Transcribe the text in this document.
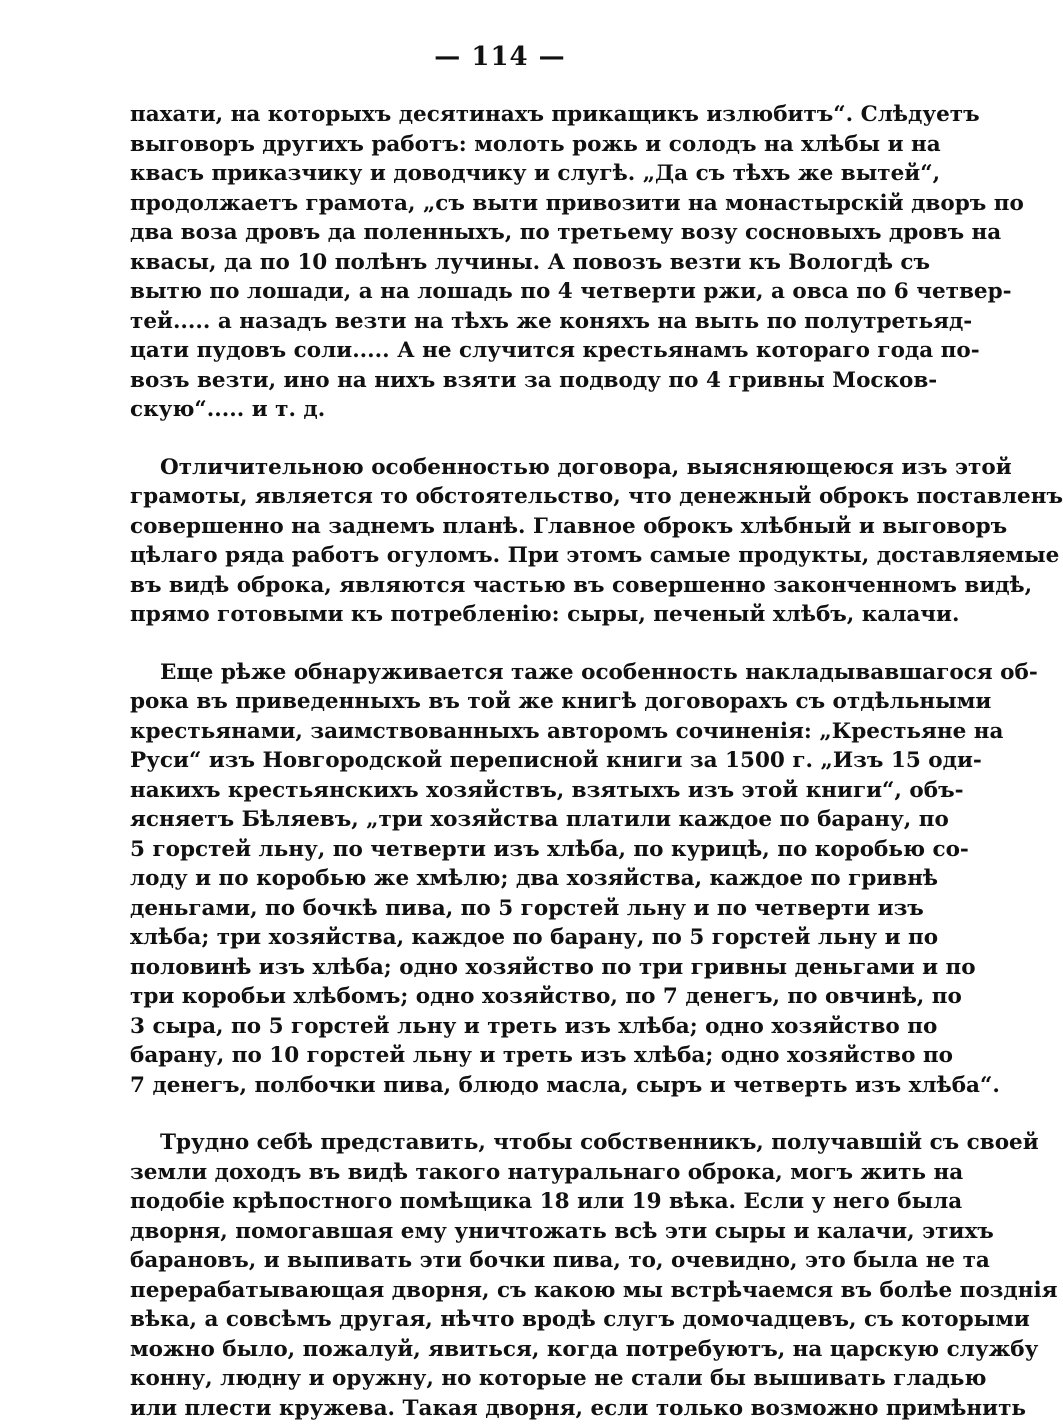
— 114 —
пахати, на которыхъ десятинахъ прикащикъ излюбитъ“. Слѣдуетъ
выговоръ другихъ работъ: молоть рожь и солодъ на хлѣбы и на
квасъ приказчику и доводчику и слугѣ. „Да съ тѣхъ же вытей“,
продолжаетъ грамота, „съ выти привозити на монастырскій дворъ по
два воза дровъ да поленныхъ, по третьему возу сосновыхъ дровъ на
квасы, да по 10 полѣнъ лучины. А повозъ везти къ Вологдѣ съ
вытю по лошади, а на лошадь по 4 четверти ржи, а овса по 6 четвер-
тей..... а назадъ везти на тѣхъ же коняхъ на выть по полутретьяд-
цати пудовъ соли..... А не случится крестьянамъ котораго года по-
возъ везти, ино на нихъ взяти за подводу по 4 гривны Москов-
скую“..... и т. д.
Отличительною особенностью договора, выясняющеюся изъ этой
грамоты, является то обстоятельство, что денежный оброкъ поставленъ
совершенно на заднемъ планѣ. Главное оброкъ хлѣбный и выговоръ
цѣлаго ряда работъ огуломъ. При этомъ самые продукты, доставляемые
въ видѣ оброка, являются частью въ совершенно законченномъ видѣ,
прямо готовыми къ потребленію: сыры, печеный хлѣбъ, калачи.
Еще рѣже обнаруживается таже особенность накладывавшагося об-
рока въ приведенныхъ въ той же книгѣ договорахъ съ отдѣльными
крестьянами, заимствованныхъ авторомъ сочиненія: „Крестьяне на
Руси“ изъ Новгородской переписной книги за 1500 г. „Изъ 15 оди-
накихъ крестьянскихъ хозяйствъ, взятыхъ изъ этой книги“, объ-
ясняетъ Бѣляевъ, „три хозяйства платили каждое по барану, по
5 горстей льну, по четверти изъ хлѣба, по курицѣ, по коробью со-
лоду и по коробью же хмѣлю; два хозяйства, каждое по гривнѣ
деньгами, по бочкѣ пива, по 5 горстей льну и по четверти изъ
хлѣба; три хозяйства, каждое по барану, по 5 горстей льну и по
половинѣ изъ хлѣба; одно хозяйство по три гривны деньгами и по
три коробьи хлѣбомъ; одно хозяйство, по 7 денегъ, по овчинѣ, по
3 сыра, по 5 горстей льну и треть изъ хлѣба; одно хозяйство по
барану, по 10 горстей льну и треть изъ хлѣба; одно хозяйство по
7 денегъ, полбочки пива, блюдо масла, сыръ и четверть изъ хлѣба“.
Трудно себѣ представить, чтобы собственникъ, получавшій съ своей
земли доходъ въ видѣ такого натуральнаго оброка, могъ жить на
подобіе крѣпостного помѣщика 18 или 19 вѣка. Если у него была
дворня, помогавшая ему уничтожать всѣ эти сыры и калачи, этихъ
барановъ, и выпивать эти бочки пива, то, очевидно, это была не та
перерабатывающая дворня, съ какою мы встрѣчаемся въ болѣе позднія
вѣка, а совсѣмъ другая, нѣчто вродѣ слугъ домочадцевъ, съ которыми
можно было, пожалуй, явиться, когда потребуютъ, на царскую службу
конну, людну и оружну, но которые не стали бы вышивать гладью
или плести кружева. Такая дворня, если только возможно примѣнить
